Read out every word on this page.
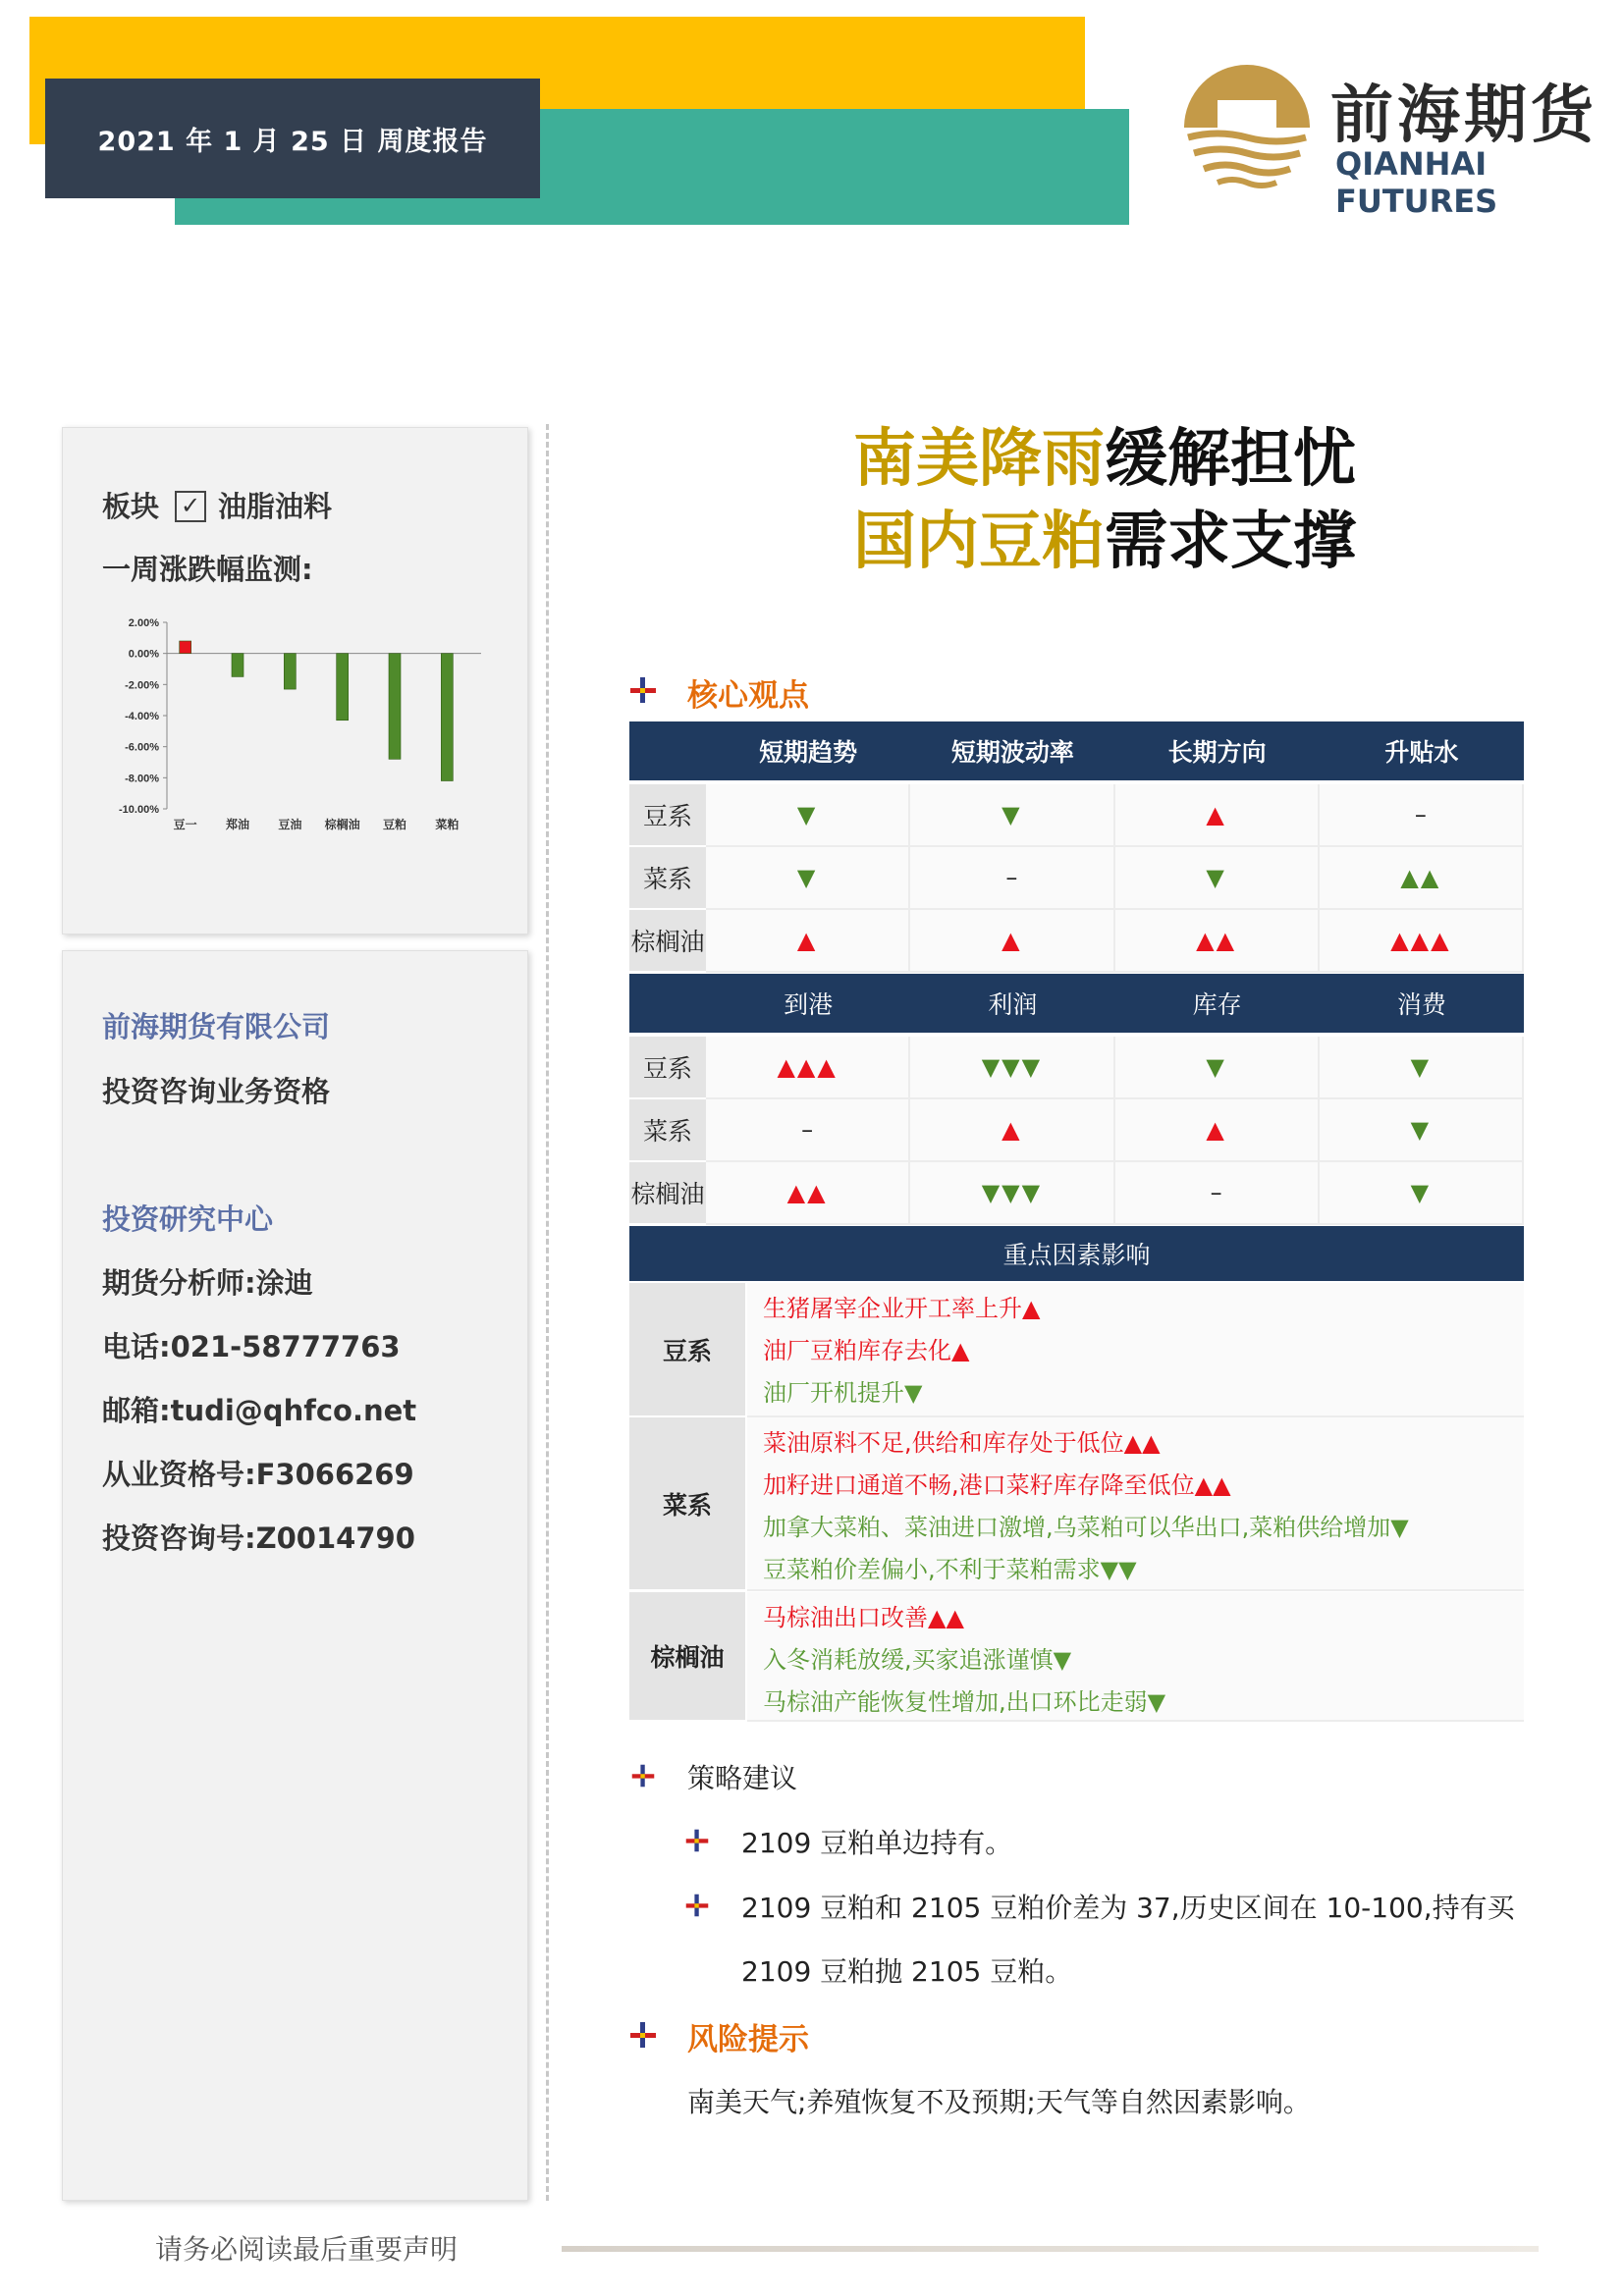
2021 年 1 月 25 日 周度报告	前海期货
QIANHAI FUTURES
板块 ✓ 油脂油料
一周涨跌幅监测:
2.00%
0.00%
-2.00%
-4.00%
-6.00%
-8.00%
-10.00%
豆一 郑油 豆油 棕榈油 豆粕 菜粕
前海期货有限公司
投资咨询业务资格
投资研究中心
期货分析师:涂迪
电话:021-58777763
邮箱:tudi@qhfco.net
从业资格号:F3066269
投资咨询号:Z0014790
南美降雨缓解担忧
国内豆粕需求支撑
核心观点
短期趋势	短期波动率	长期方向	升贴水
豆系	▼	▼	▲	–
菜系	▼	–	▼	▲▲
棕榈油	▲	▲	▲▲	▲▲▲
到港	利润	库存	消费
豆系	▲▲▲	▼▼▼	▼	▼
菜系	–	▲	▲	▼
棕榈油	▲▲	▼▼▼	–	▼
重点因素影响
豆系
生猪屠宰企业开工率上升▲
油厂豆粕库存去化▲
油厂开机提升▼
菜系
菜油原料不足,供给和库存处于低位▲▲
加籽进口通道不畅,港口菜籽库存降至低位▲▲
加拿大菜粕、菜油进口激增,乌菜粕可以华出口,菜粕供给增加▼
豆菜粕价差偏小,不利于菜粕需求▼▼
棕榈油
马棕油出口改善▲▲
入冬消耗放缓,买家追涨谨慎▼
马棕油产能恢复性增加,出口环比走弱▼
策略建议
2109 豆粕单边持有。
2109 豆粕和 2105 豆粕价差为 37,历史区间在 10-100,持有买
2109 豆粕抛 2105 豆粕。
风险提示
南美天气;养殖恢复不及预期;天气等自然因素影响。
请务必阅读最后重要声明
